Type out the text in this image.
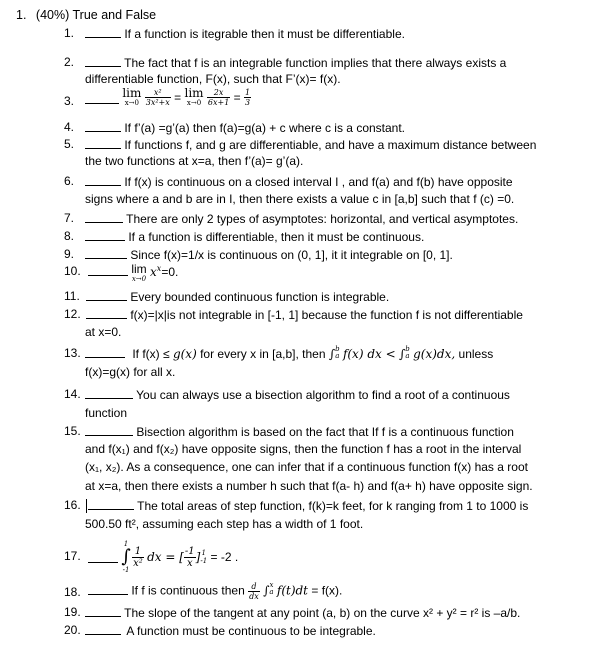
1. (40%) True and False
1.	If a function is itegrable then it must be differentiable.
2.	The fact that f is an integrable function implies that there always exists a
differentiable function, F(x), such that F’(x)= f(x).
3.
lim
x→0
$\frac{\text{x²}}{\text{3x²+x}} = \lim$
x→0
$\frac{2x}{6x+1} = \frac{1}{3}$
4.	If f’(a) =g’(a) then f(a)=g(a) + c where c is a constant.
5.	If functions f, and g are differentiable, and have a maximum distance between
the two functions at x=a, then f’(a)= g’(a).
6.	If f(x) is continuous on a closed interval I , and f(a) and f(b) have opposite
signs where a and b are in I, then there exists a value c in [a,b] such that f (c) =0.
7.	There are only 2 types of asymptotes: horizontal, and vertical asymptotes.
8.	If a function is differentiable, then it must be continuous.
9.	Since f(x)=1/x is continuous on (0, 1], it it integrable on [0, 1].
10.	lim
x→0 $x^x=0$.
11.	Every bounded continuous function is integrable.
12.	f(x)=|x|is not integrable in [-1, 1] because the function f is not differentiable
at x=0.
13.	If f(x) ≤ g(x) for every x in [a,b], then ∫b
a f(x) dx < ∫b
a g(x)dx, unless
f(x)=g(x) for all x.
14.	You can always use a bisection algorithm to find a root of a continuous
function
15.	Bisection algorithm is based on the fact that If f is a continuous function
and f(x₁) and f(x₂) have opposite signs, then the function f has a root in the interval
(x₁, x₂). As a consequence, one can infer that if a continuous function f(x) has a root
at x=a, then there exists a number h such that f(a- h) and f(a+ h) have opposite sign.
16.	The total areas of step function, f(k)=k feet, for k ranging from 1 to 1000 is
500.50 ft², assuming each step has a width of 1 foot.
17.
1
∫
-1

$\frac{1}{\text{x²}}$ dx = [ $\frac{-1}{x} ]1$
-1 = -2 .
18.	If f is continuous then $\frac{d}{dx} \int x$
a f(t)dt = f(x).
19.	The slope of the tangent at any point (a, b) on the curve x² + y² = r² is –a/b.
20.	A function must be continuous to be integrable.
